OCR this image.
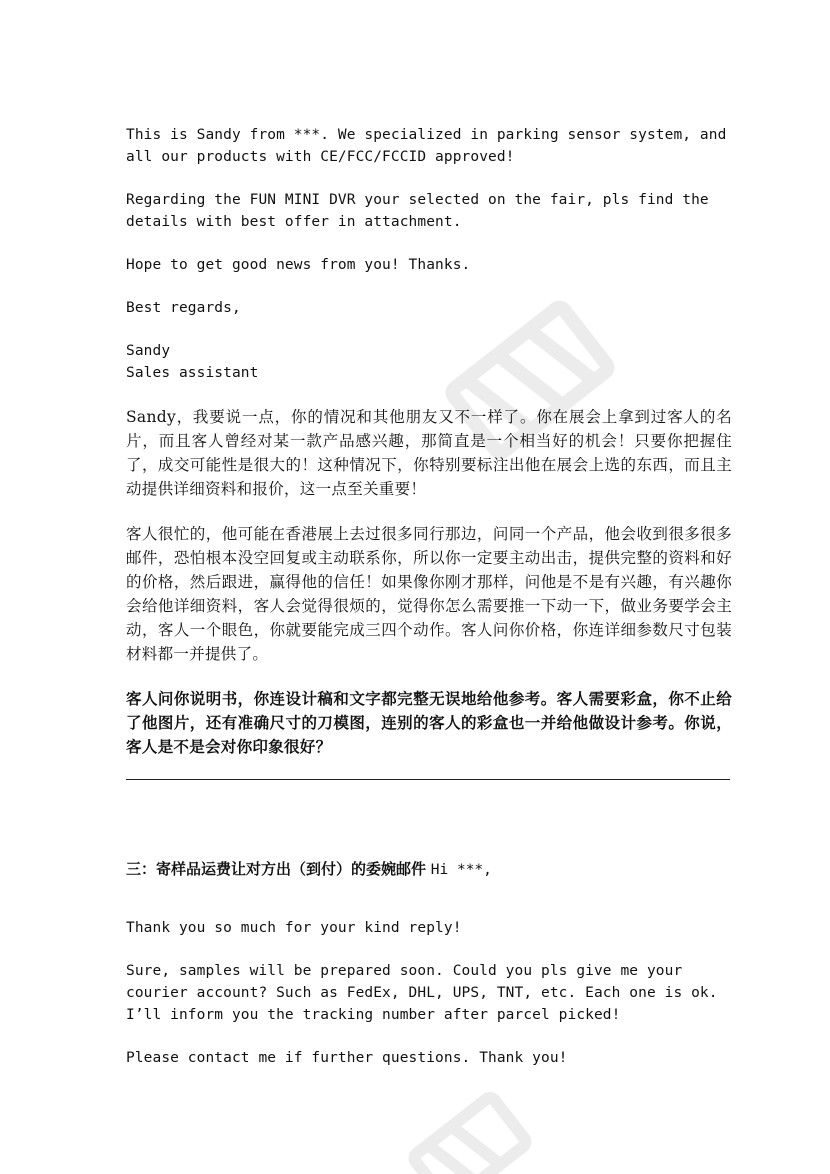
This is Sandy from ***. We specialized in parking sensor system, and all our products with CE/FCC/FCCID approved!

Regarding the FUN MINI DVR your selected on the fair, pls find the details with best offer in attachment.

Hope to get good news from you! Thanks.

Best regards,

Sandy

Sales assistant

Sandy，我要说一点，你的情况和其他朋友又不一样了。你在展会上拿到过客人的名片，而且客人曾经对某一款产品感兴趣，那简直是一个相当好的机会！只要你把握住了，成交可能性是很大的！这种情况下，你特别要标注出他在展会上选的东西，而且主动提供详细资料和报价，这一点至关重要！

客人很忙的，他可能在香港展上去过很多同行那边，问同一个产品，他会收到很多很多邮件，恐怕根本没空回复或主动联系你，所以你一定要主动出击，提供完整的资料和好的价格，然后跟进，赢得他的信任！如果像你刚才那样，问他是不是有兴趣，有兴趣你会给他详细资料，客人会觉得很烦的，觉得你怎么需要推一下动一下，做业务要学会主动，客人一个眼色，你就要能完成三四个动作。客人问你价格，你连详细参数尺寸包装材料都一并提供了。

客人问你说明书，你连设计稿和文字都完整无误地给他参考。客人需要彩盒，你不止给了他图片，还有准确尺寸的刀模图，连别的客人的彩盒也一并给他做设计参考。你说，客人是不是会对你印象很好？

三：寄样品运费让对方出（到付）的委婉邮件 Hi ***,

Thank you so much for your kind reply!

Sure, samples will be prepared soon. Could you pls give me your courier account? Such as FedEx, DHL, UPS, TNT, etc. Each one is ok. I’ll inform you the tracking number after parcel picked!

Please contact me if further questions. Thank you!
